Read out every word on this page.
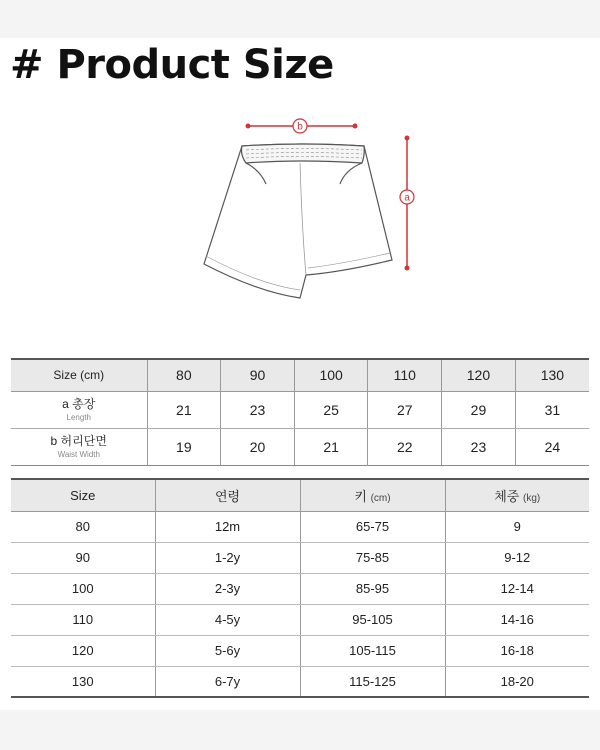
# Product Size
b
a
Size (cm)	80	90	100	110	120	130

a 총장
Length	21	23	25	27	29	31

b 허리단면
Waist Width	19	20	21	22	23	24
Size	연령	키 (cm)	체중 (kg)
80	12m	65-75	9
90	1-2y	75-85	9-12
100	2-3y	85-95	12-14
110	4-5y	95-105	14-16
120	5-6y	105-115	16-18
130	6-7y	115-125	18-20
